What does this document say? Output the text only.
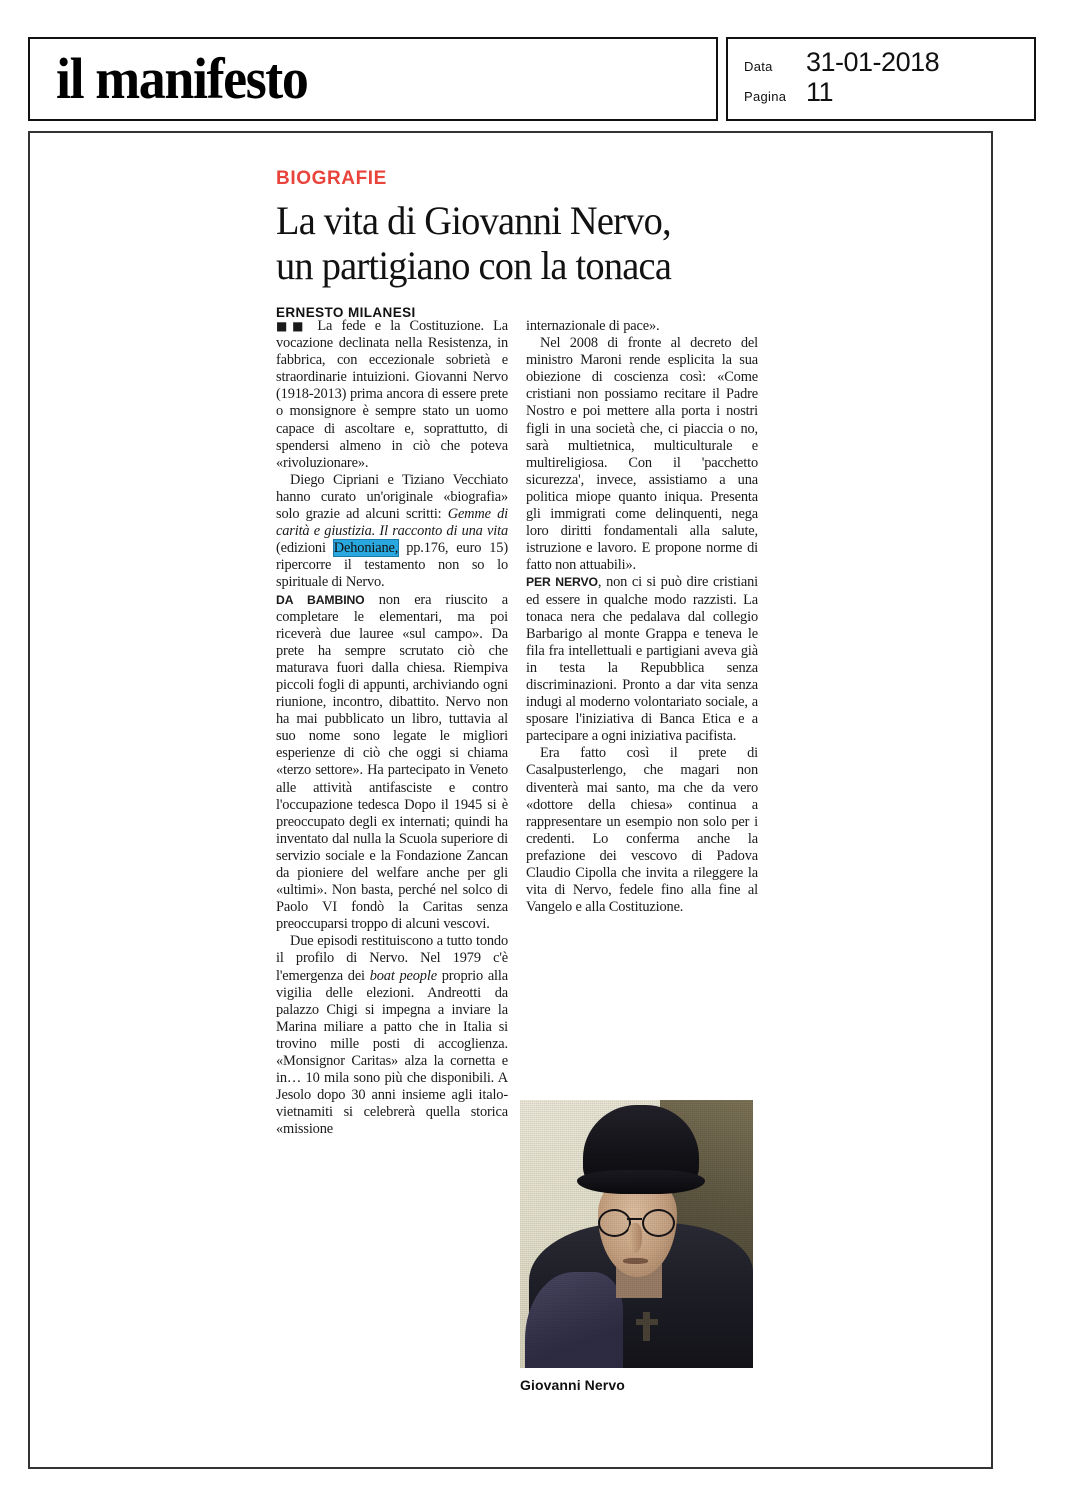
il manifesto	Data	31-01-2018
Pagina 11
BIOGRAFIE
La vita di Giovanni Nervo,
un partigiano con la tonaca
ERNESTO MILANESI

■■ La fede e la Costituzione. La vocazione declinata nella Resistenza, in fabbrica, con eccezionale sobrietà e straordinarie intuizioni. Giovanni Nervo (1918-2013) prima ancora di essere prete o monsignore è sempre stato un uomo capace di ascoltare e, soprattutto, di spendersi almeno in ciò che poteva «rivoluzionare».

Diego Cipriani e Tiziano Vecchiato hanno curato un'originale «biografia» solo grazie ad alcuni scritti: Gemme di carità e giustizia. Il racconto di una vita (edizioni Dehoniane, pp.176, euro 15) ripercorre il testamento non so lo spirituale di Nervo.

DA BAMBINO non era riuscito a completare le elementari, ma poi riceverà due lauree «sul campo». Da prete ha sempre scrutato ciò che maturava fuori dalla chiesa. Riempiva piccoli fogli di appunti, archiviando ogni riunione, incontro, dibattito. Nervo non ha mai pubblicato un libro, tuttavia al suo nome sono legate le migliori esperienze di ciò che oggi si chiama «terzo settore». Ha partecipato in Veneto alle attività antifasciste e contro l'occupazione tedesca Dopo il 1945 si è preoccupato degli ex internati; quindi ha inventato dal nulla la Scuola superiore di servizio sociale e la Fondazione Zancan da pioniere del welfare anche per gli «ultimi». Non basta, perché nel solco di Paolo VI fondò la Caritas senza preoccuparsi troppo di alcuni vescovi.

Due episodi restituiscono a tutto tondo il profilo di Nervo. Nel 1979 c'è l'emergenza dei boat people proprio alla vigilia delle elezioni. Andreotti da palazzo Chigi si impegna a inviare la Marina miliare a patto che in Italia si trovino mille posti di accoglienza. «Monsignor Caritas» alza la cornetta e in… 10 mila sono più che disponibili. A Jesolo dopo 30 anni insieme agli italo-vietnamiti si celebrerà quella storica «missione

internazionale di pace».

Nel 2008 di fronte al decreto del ministro Maroni rende esplicita la sua obiezione di coscienza così: «Come cristiani non possiamo recitare il Padre Nostro e poi mettere alla porta i nostri figli in una società che, ci piaccia o no, sarà multietnica, multiculturale e multireligiosa. Con il 'pacchetto sicurezza', invece, assistiamo a una politica miope quanto iniqua. Presenta gli immigrati come delinquenti, nega loro diritti fondamentali alla salute, istruzione e lavoro. E propone norme di fatto non attuabili».

PER NERVO, non ci si può dire cristiani ed essere in qualche modo razzisti. La tonaca nera che pedalava dal collegio Barbarigo al monte Grappa e teneva le fila fra intellettuali e partigiani aveva già in testa la Repubblica senza discriminazioni. Pronto a dar vita senza indugi al moderno volontariato sociale, a sposare l'iniziativa di Banca Etica e a partecipare a ogni iniziativa pacifista.

Era fatto così il prete di Casalpusterlengo, che magari non diventerà mai santo, ma che da vero «dottore della chiesa» continua a rappresentare un esempio non solo per i credenti. Lo conferma anche la prefazione dei vescovo di Padova Claudio Cipolla che invita a rileggere la vita di Nervo, fedele fino alla fine al Vangelo e alla Costituzione.

Giovanni Nervo
